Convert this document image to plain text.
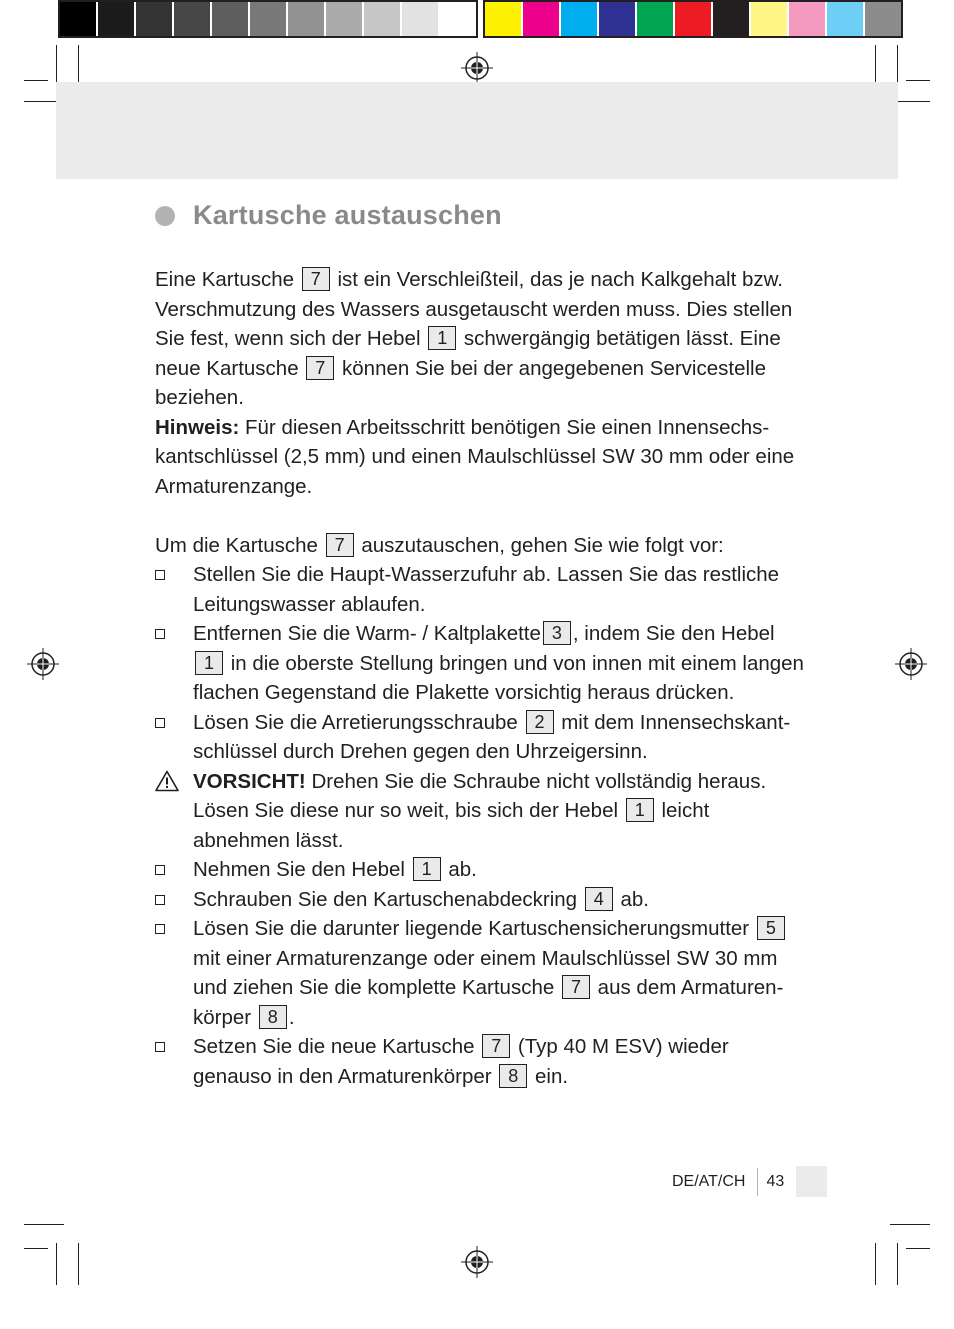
Kartusche austauschen

Eine Kartusche 7 ist ein Verschleißteil, das je nach Kalkgehalt bzw. Verschmutzung des Wassers ausgetauscht werden muss. Dies stellen Sie fest, wenn sich der Hebel 1 schwergängig betätigen lässt. Eine neue Kartusche 7 können Sie bei der angegebenen Servicestelle beziehen.

Hinweis: Für diesen Arbeitsschritt benötigen Sie einen Innensechs-kantschlüssel (2,5 mm) und einen Maulschlüssel SW 30 mm oder eine Armaturenzange.

Um die Kartusche 7 auszutauschen, gehen Sie wie folgt vor:

Stellen Sie die Haupt-Wasserzufuhr ab. Lassen Sie das restliche Leitungswasser ablaufen.
Entfernen Sie die Warm- / Kaltplakette 3 , indem Sie den Hebel 1 in die oberste Stellung bringen und von innen mit einem langen flachen Gegenstand die Plakette vorsichtig heraus drücken.
Lösen Sie die Arretierungsschraube 2 mit dem Innensechskant-schlüssel durch Drehen gegen den Uhrzeigersinn.
VORSICHT! Drehen Sie die Schraube nicht vollständig heraus. Lösen Sie diese nur so weit, bis sich der Hebel 1 leicht abnehmen lässt.
Nehmen Sie den Hebel 1 ab.
Schrauben Sie den Kartuschenabdeckring 4 ab.
Lösen Sie die darunter liegende Kartuschensicherungsmutter 5 mit einer Armaturenzange oder einem Maulschlüssel SW 30 mm und ziehen Sie die komplette Kartusche 7 aus dem Armaturen-körper 8 .
Setzen Sie die neue Kartusche 7 (Typ 40 M ESV) wieder genauso in den Armaturenkörper 8 ein.
DE/AT/CH	43
